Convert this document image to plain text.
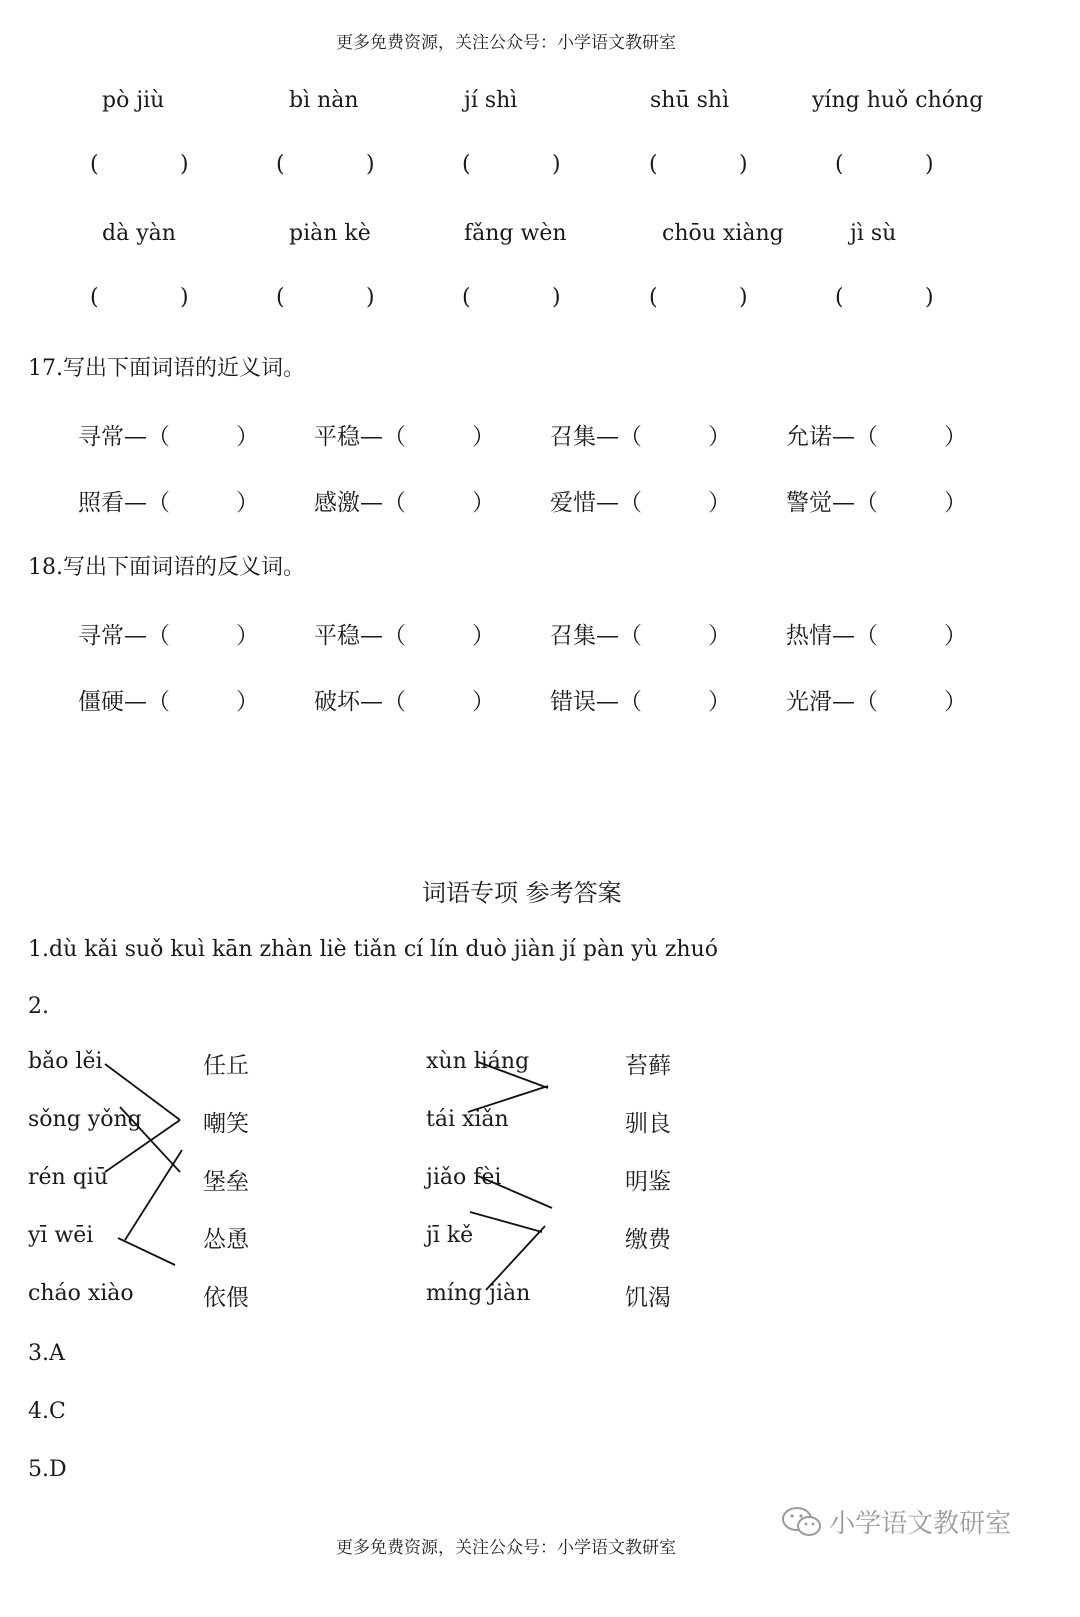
更多免费资源，关注公众号：小学语文教研室
pò jiù	bì nàn	jí shì	shū shì	yíng huǒ chóng
(	)	(	)	(	)	(	)	(	)
dà yàn	piàn kè	fǎng wèn	chōu xiàng	jì sù
(	)	(	)	(	)	(	)	(	)
17.写出下面词语的近义词。
寻常—（	） 平稳—（	） 召集—（	） 允诺—（	）
照看—（	） 感激—（	） 爱惜—（	） 警觉—（	）
18.写出下面词语的反义词。
寻常—（	） 平稳—（	） 召集—（	） 热情—（	）
僵硬—（	） 破坏—（	） 错误—（	） 光滑—（	）
词语专项 参考答案
1.dù kǎi suǒ kuì kān zhàn liè tiǎn cí lín duò jiàn jí pàn yù zhuó
2.
bǎo lěi
sǒng yǒng
rén qiū
yī wēi
cháo xiào
任丘
嘲笑
堡垒
怂恿
依偎
xùn liáng
tái xiǎn
jiǎo fèi
jī kě
míng jiàn
苔藓
驯良
明鉴
缴费
饥渴
3.A
4.C
5.D
小学语文教研室
更多免费资源，关注公众号：小学语文教研室
